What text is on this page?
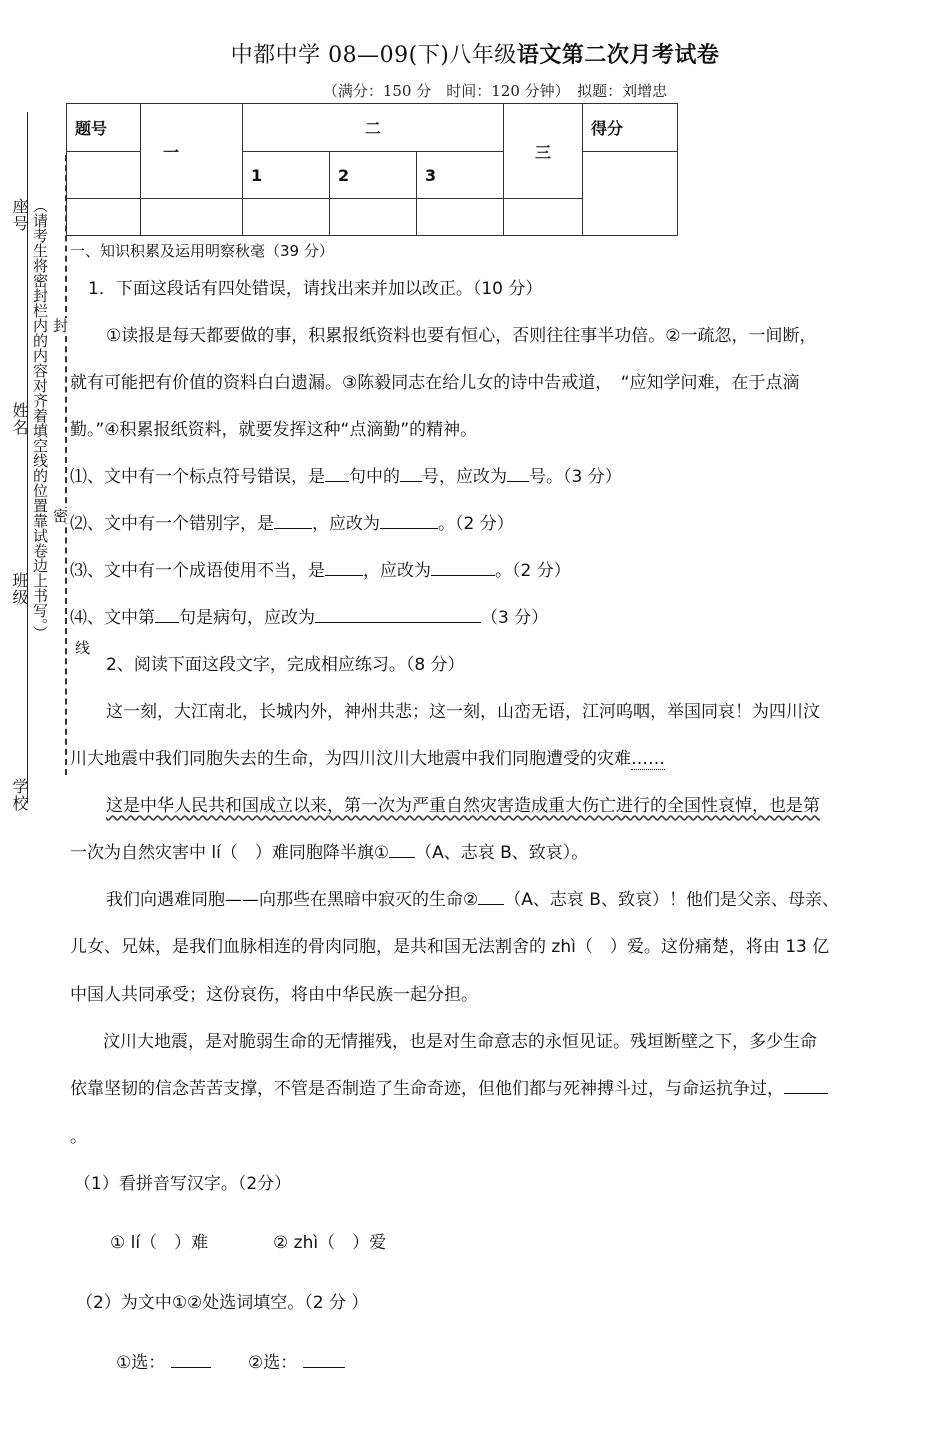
中都中学 08—09(下)八年级语文第二次月考试卷
（满分：150 分　时间：120 分钟）　拟题：刘增忠
题号	一	二			三	得分
		1	2	3		

座号
姓名
班级
学校
（请考生将密封栏内的内容对齐着填空线的位置靠试卷边上书写。） 封
密
线
一、知识积累及运用明察秋毫（39 分）
1．下面这段话有四处错误，请找出来并加以改正。（10 分）
①读报是每天都要做的事，积累报纸资料也要有恒心，否则往往事半功倍。②一疏忽，一间断，
就有可能把有价值的资料白白遗漏。③陈毅同志在给儿女的诗中告戒道，　“应知学问难，在于点滴
勤。”④积累报纸资料，就要发挥这种“点滴勤”的精神。
⑴、文中有一个标点符号错误，是 句中的 号，应改为 号。（3 分）
⑵、文中有一个错别字，是 ，应改为	。（2 分）
⑶、文中有一个成语使用不当，是 ，应改为	。（2 分）
⑷、文中第 句是病句，应改为	（3 分）
2、阅读下面这段文字，完成相应练习。（8 分）
这一刻，大江南北，长城内外，神州共悲；这一刻，山峦无语，江河呜咽，举国同哀！为四川汶
川大地震中我们同胞失去的生命，为四川汶川大地震中我们同胞遭受的灾难……
这是中华人民共和国成立以来，第一次为严重自然灾害造成重大伤亡进行的全国性哀悼，也是第
一次为自然灾害中 lí（　）难同胞降半旗① （A、志哀 B、致哀）。
我们向遇难同胞——向那些在黑暗中寂灭的生命② （A、志哀 B、致哀）！他们是父亲、母亲、
儿女、兄妹，是我们血脉相连的骨肉同胞，是共和国无法割舍的 zhì（　）爱。这份痛楚，将由 13 亿
中国人共同承受；这份哀伤，将由中华民族一起分担。
汶川大地震，是对脆弱生命的无情摧残，也是对生命意志的永恒见证。残垣断壁之下，多少生命
依靠坚韧的信念苦苦支撑，不管是否制造了生命奇迹，但他们都与死神搏斗过，与命运抗争过，
。
（1）看拼音写汉字。（2分）
① lí（　）难	② zhì（　）爱
（2）为文中①②处选词填空。（2 分 ）
①选：	②选：
